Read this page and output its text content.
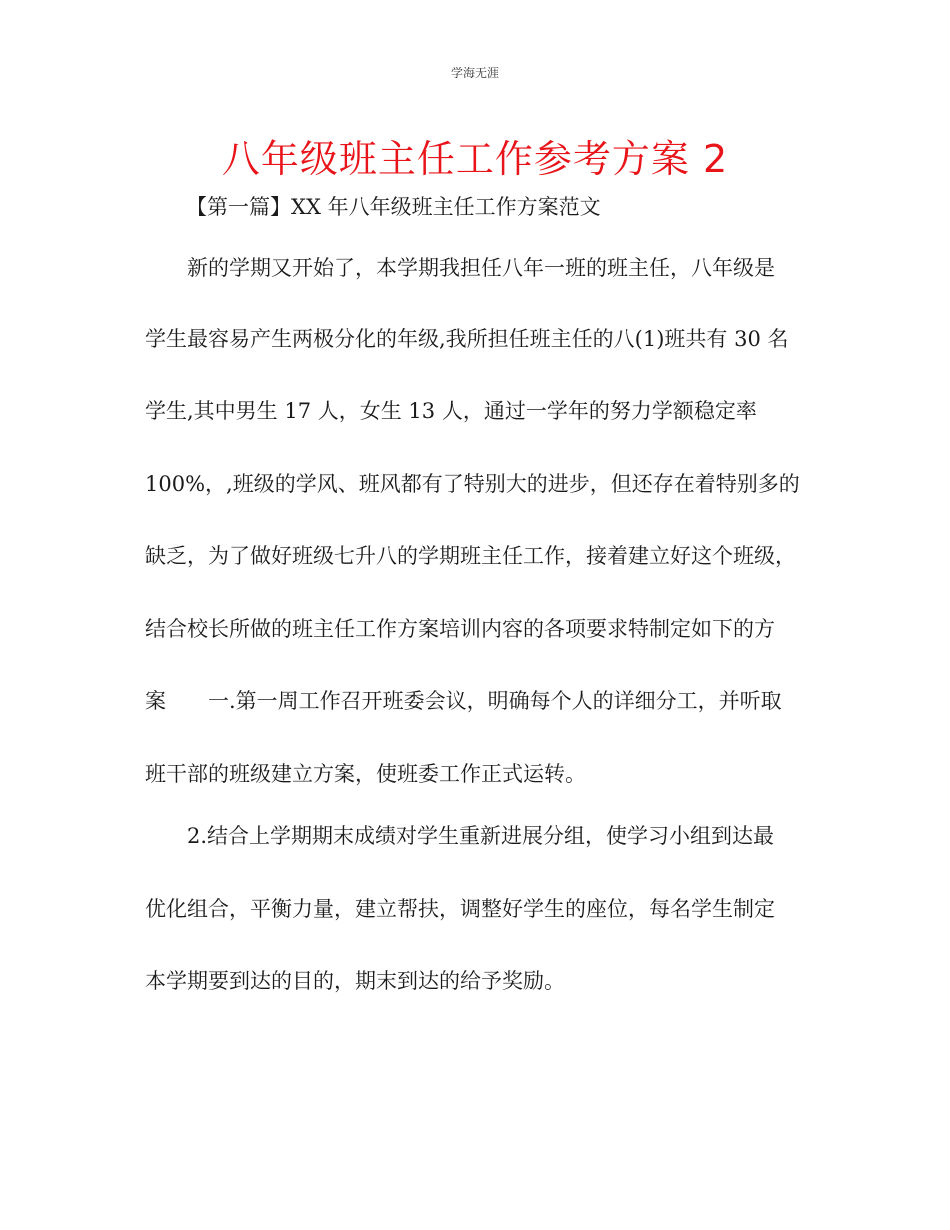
学海无涯
八年级班主任工作参考方案 2
【第一篇】XX 年八年级班主任工作方案范文
　　新的学期又开始了，本学期我担任八年一班的班主任，八年级是
学生最容易产生两极分化的年级,我所担任班主任的八(1)班共有 30 名
学生,其中男生 17 人，女生 13 人，通过一学年的努力学额稳定率
100%，,班级的学风、班风都有了特别大的进步，但还存在着特别多的
缺乏，为了做好班级七升八的学期班主任工作，接着建立好这个班级，
结合校长所做的班主任工作方案培训内容的各项要求特制定如下的方
案　　一.第一周工作召开班委会议，明确每个人的详细分工，并听取
班干部的班级建立方案，使班委工作正式运转。
　　2.结合上学期期末成绩对学生重新进展分组，使学习小组到达最
优化组合，平衡力量，建立帮扶，调整好学生的座位，每名学生制定
本学期要到达的目的，期末到达的给予奖励。
